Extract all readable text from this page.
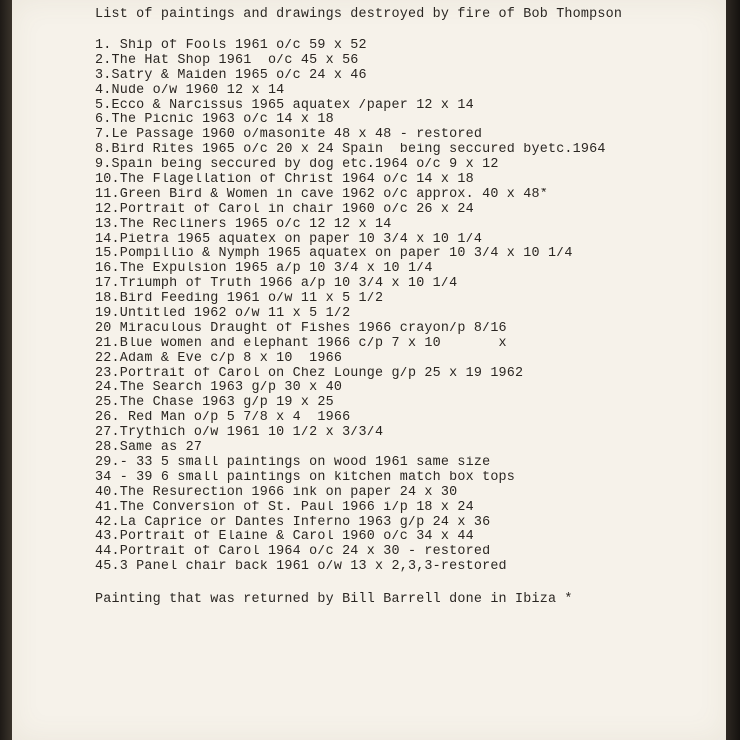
List of paintings and drawings destroyed by fire of Bob Thompson
1. Ship of Fools 1961 o/c 59 x 52
2.The Hat Shop 1961  o/c 45 x 56
3.Satry & Maiden 1965 o/c 24 x 46
4.Nude o/w 1960 12 x 14
5.Ecco & Narcissus 1965 aquatex /paper 12 x 14
6.The Picnic 1963 o/c 14 x 18
7.Le Passage 1960 o/masonite 48 x 48 - restored
8.Bird Rites 1965 o/c 20 x 24 Spain  being seccured byetc.1964
9.Spain being seccured by dog etc.1964 o/c 9 x 12
10.The Flagellation of Christ 1964 o/c 14 x 18
11.Green Bird & Women in cave 1962 o/c approx. 40 x 48*
12.Portrait of Carol in chair 1960 o/c 26 x 24
13.The Recliners 1965 o/c 12 12 x 14
14.Pietra 1965 aquatex on paper 10 3/4 x 10 1/4
15.Pompillio & Nymph 1965 aquatex on paper 10 3/4 x 10 1/4
16.The Expulsion 1965 a/p 10 3/4 x 10 1/4
17.Triumph of Truth 1966 a/p 10 3/4 x 10 1/4
18.Bird Feeding 1961 o/w 11 x 5 1/2
19.Untitled 1962 o/w 11 x 5 1/2
20 Miraculous Draught of Fishes 1966 crayon/p 8/16
21.Blue women and elephant 1966 c/p 7 x 10       x
22.Adam & Eve c/p 8 x 10  1966
23.Portrait of Carol on Chez Lounge g/p 25 x 19 1962
24.The Search 1963 g/p 30 x 40
25.The Chase 1963 g/p 19 x 25
26. Red Man o/p 5 7/8 x 4  1966
27.Trythich o/w 1961 10 1/2 x 3/3/4
28.Same as 27
29.- 33 5 small paintings on wood 1961 same size
34 - 39 6 small paintings on kitchen match box tops
40.The Resurection 1966 ink on paper 24 x 30
41.The Conversion of St. Paul 1966 i/p 18 x 24
42.La Caprice or Dantes Inferno 1963 g/p 24 x 36
43.Portrait of Elaine & Carol 1960 o/c 34 x 44
44.Portrait of Carol 1964 o/c 24 x 30 - restored
45.3 Panel chair back 1961 o/w 13 x 2,3,3-restored
Painting that was returned by Bill Barrell done in Ibiza *
